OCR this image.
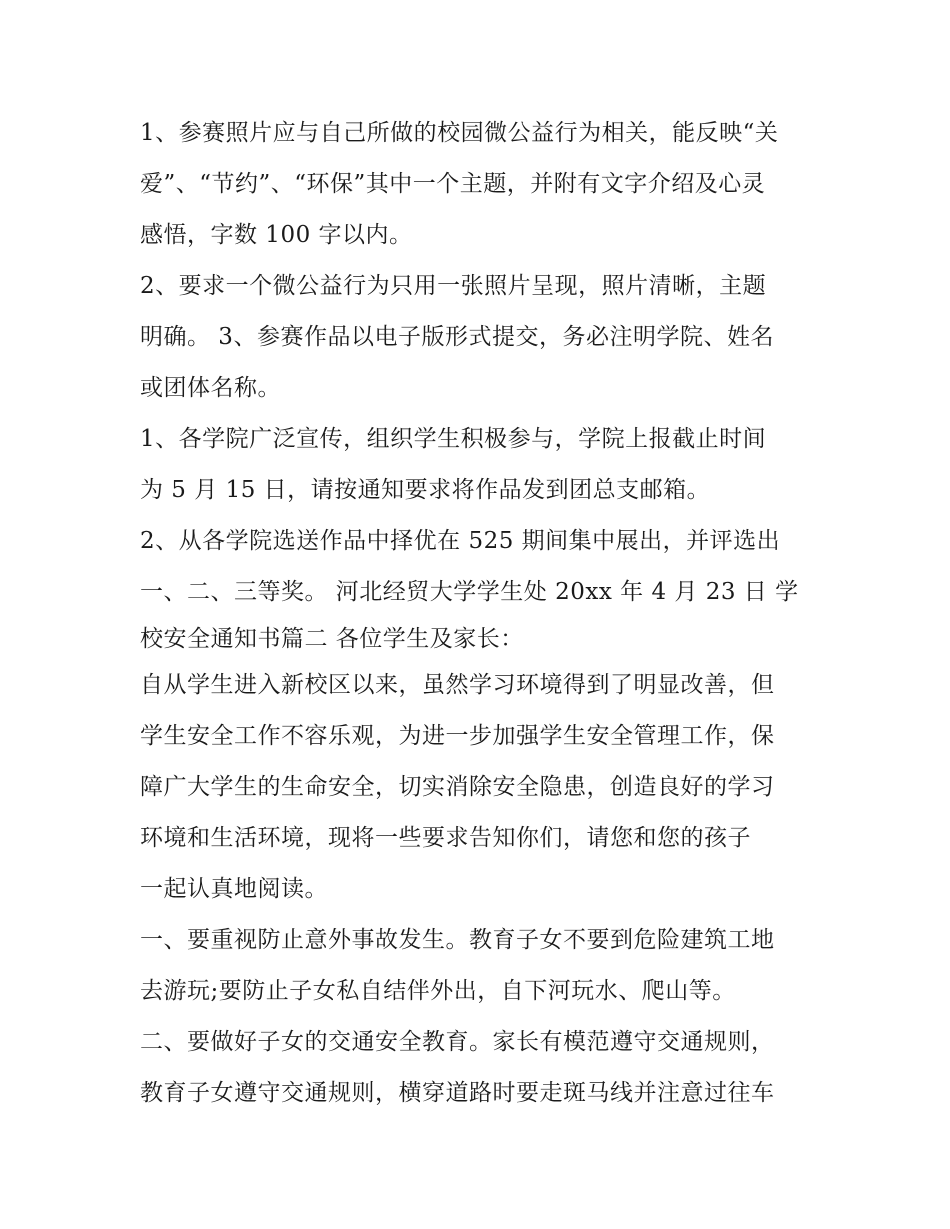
1、参赛照片应与自己所做的校园微公益行为相关，能反映“关
爱”、“节约”、“环保”其中一个主题，并附有文字介绍及心灵
感悟，字数 100 字以内。
2、要求一个微公益行为只用一张照片呈现，照片清晰，主题
明确。 3、参赛作品以电子版形式提交，务必注明学院、姓名
或团体名称。
1、各学院广泛宣传，组织学生积极参与，学院上报截止时间
为 5 月 15 日，请按通知要求将作品发到团总支邮箱。
2、从各学院选送作品中择优在 525 期间集中展出，并评选出
一、二、三等奖。 河北经贸大学学生处 20xx 年 4 月 23 日 学
校安全通知书篇二 各位学生及家长：
自从学生进入新校区以来，虽然学习环境得到了明显改善，但
学生安全工作不容乐观，为进一步加强学生安全管理工作，保
障广大学生的生命安全，切实消除安全隐患，创造良好的学习
环境和生活环境，现将一些要求告知你们，请您和您的孩子
一起认真地阅读。
一、要重视防止意外事故发生。教育子女不要到危险建筑工地
去游玩;要防止子女私自结伴外出，自下河玩水、爬山等。
二、要做好子女的交通安全教育。家长有模范遵守交通规则，
教育子女遵守交通规则，横穿道路时要走斑马线并注意过往车
